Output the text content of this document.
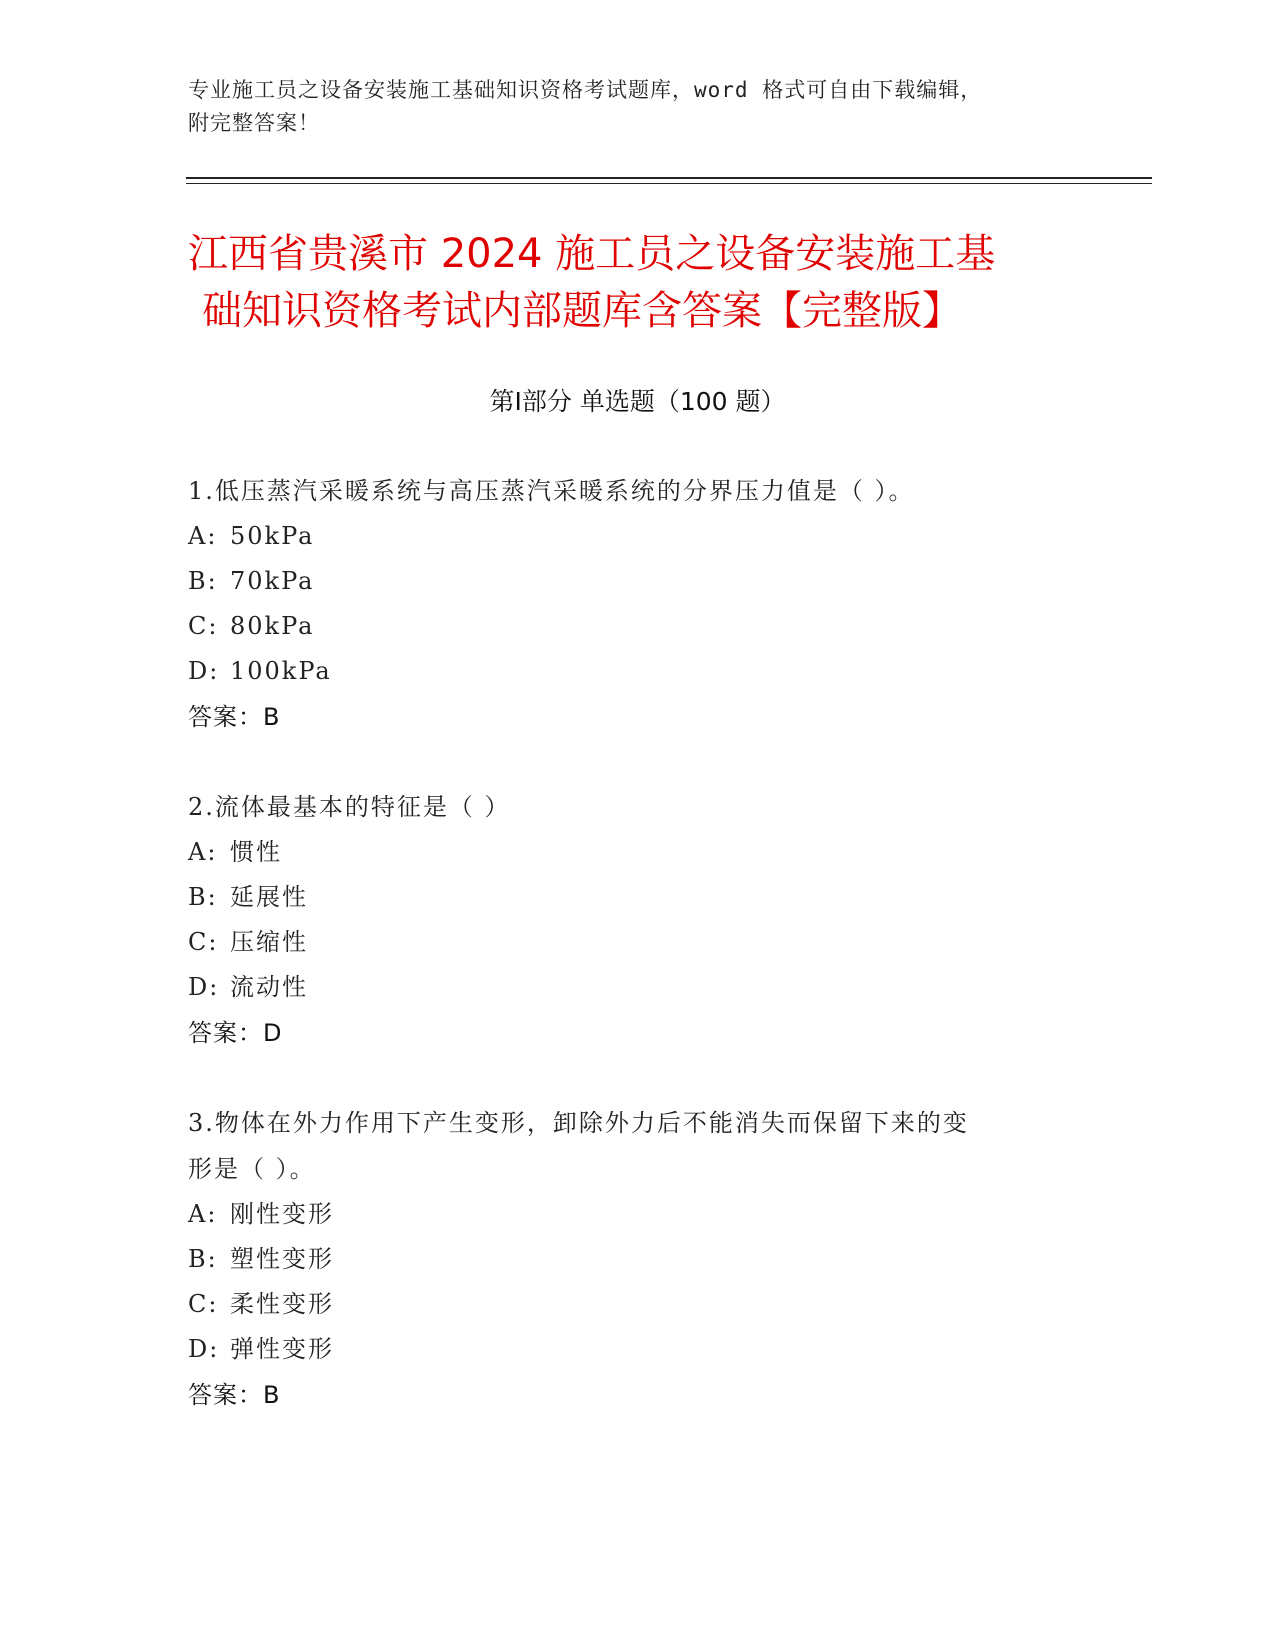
专业施工员之设备安装施工基础知识资格考试题库，word 格式可自由下载编辑，
附完整答案！
江西省贵溪市 2024 施工员之设备安装施工基
础知识资格考试内部题库含答案【完整版】
第Ⅰ部分 单选题（100 题）
1.低压蒸汽采暖系统与高压蒸汽采暖系统的分界压力值是（ ）。
A: 50kPa
B: 70kPa
C: 80kPa
D: 100kPa
答案：B
2.流体最基本的特征是（ ）
A: 惯性
B: 延展性
C: 压缩性
D: 流动性
答案：D
3.物体在外力作用下产生变形，卸除外力后不能消失而保留下来的变
形是（ ）。
A: 刚性变形
B: 塑性变形
C: 柔性变形
D: 弹性变形
答案：B
